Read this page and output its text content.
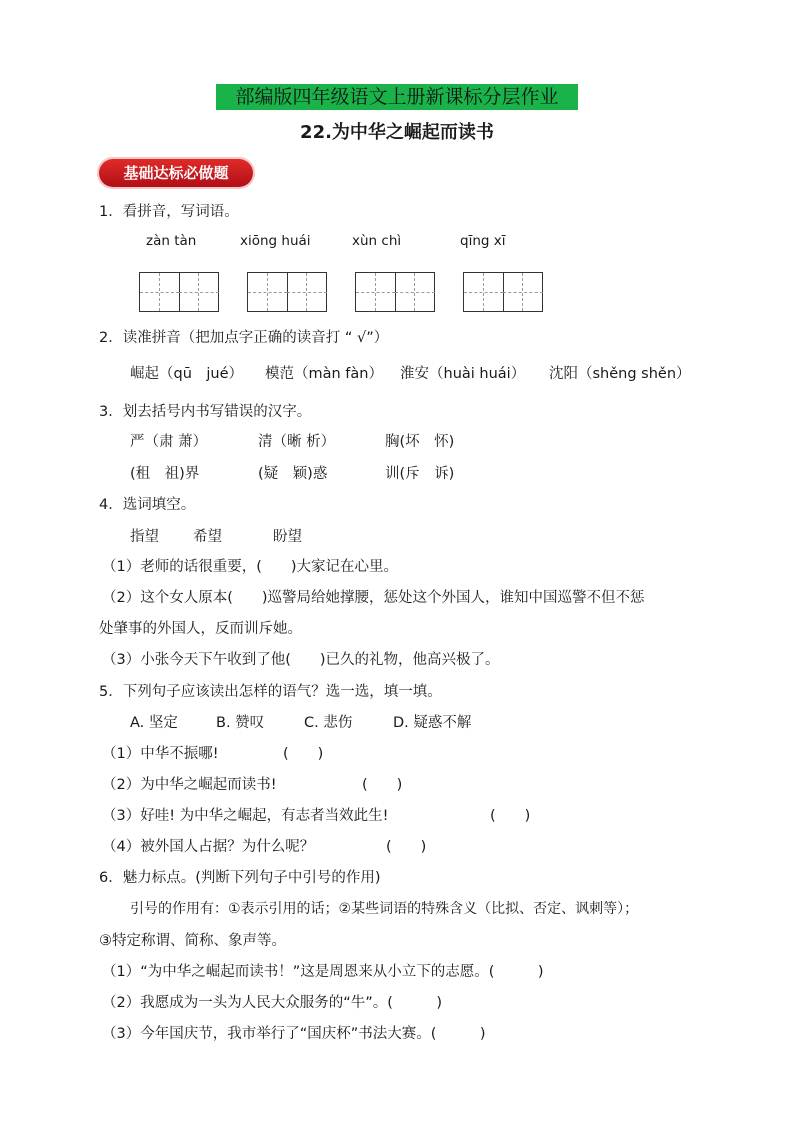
部编版四年级语文上册新课标分层作业
22.为中华之崛起而读书
基础达标必做题
1．看拼音，写词语。
zàn tàn	xiōng huái	xùn chì	qīng xī
2．读准拼音（把加点字正确的读音打 “ √”）
崛起（qū　jué） 模范（màn fàn） 淮安（huài huái） 沈阳（shěng shěn）
3．划去括号内书写错误的汉字。
严（肃 萧）	清（晰 析）	胸(坏　怀)
(租　祖)界	(疑　颖)惑	训(斥　诉)
4．选词填空。
指望 希望	盼望
（1）老师的话很重要，(　　)大家记在心里。
（2）这个女人原本(　　)巡警局给她撑腰，惩处这个外国人，谁知中国巡警不但不惩
处肇事的外国人，反而训斥她。
（3）小张今天下午收到了他(　　)已久的礼物，他高兴极了。
5．下列句子应该读出怎样的语气？选一选，填一填。
A. 坚定	B. 赞叹	C. 悲伤	D. 疑惑不解
（1）中华不振哪!	(　　)
（2）为中华之崛起而读书!	(　　)
（3）好哇! 为中华之崛起，有志者当效此生!	(　　)
（4）被外国人占据？为什么呢？	(　　)
6．魅力标点。(判断下列句子中引号的作用)
引号的作用有：①表示引用的话；②某些词语的特殊含义（比拟、否定、讽刺等）；
③特定称谓、简称、象声等。
（1）“为中华之崛起而读书！”这是周恩来从小立下的志愿。(　　　)
（2）我愿成为一头为人民大众服务的“牛”。(　　　)
（3）今年国庆节，我市举行了“国庆杯”书法大赛。(　　　)
